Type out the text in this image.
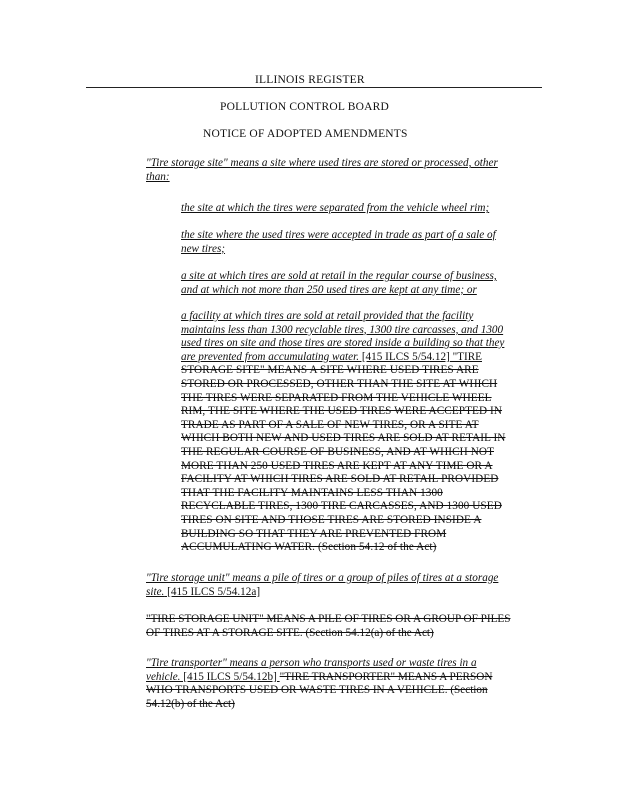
ILLINOIS REGISTER
POLLUTION CONTROL BOARD
NOTICE OF ADOPTED AMENDMENTS
"Tire storage site" means a site where used tires are stored or processed, other
than:
the site at which the tires were separated from the vehicle wheel rim;
the site where the used tires were accepted in trade as part of a sale of
new tires;
a site at which tires are sold at retail in the regular course of business,
and at which not more than 250 used tires are kept at any time; or
a facility at which tires are sold at retail provided that the facility
maintains less than 1300 recyclable tires, 1300 tire carcasses, and 1300
used tires on site and those tires are stored inside a building so that they
are prevented from accumulating water. [415 ILCS 5/54.12] "TIRE
STORAGE SITE" MEANS A SITE WHERE USED TIRES ARE
STORED OR PROCESSED, OTHER THAN THE SITE AT WHICH
THE TIRES WERE SEPARATED FROM THE VEHICLE WHEEL
RIM, THE SITE WHERE THE USED TIRES WERE ACCEPTED IN
TRADE AS PART OF A SALE OF NEW TIRES, OR A SITE AT
WHICH BOTH NEW AND USED TIRES ARE SOLD AT RETAIL IN
THE REGULAR COURSE OF BUSINESS, AND AT WHICH NOT
MORE THAN 250 USED TIRES ARE KEPT AT ANY TIME OR A
FACILITY AT WHICH TIRES ARE SOLD AT RETAIL PROVIDED
THAT THE FACILITY MAINTAINS LESS THAN 1300
RECYCLABLE TIRES, 1300 TIRE CARCASSES, AND 1300 USED
TIRES ON SITE AND THOSE TIRES ARE STORED INSIDE A
BUILDING SO THAT THEY ARE PREVENTED FROM
ACCUMULATING WATER. (Section 54.12 of the Act)
"Tire storage unit" means a pile of tires or a group of piles of tires at a storage
site. [415 ILCS 5/54.12a]
"TIRE STORAGE UNIT" MEANS A PILE OF TIRES OR A GROUP OF PILES
OF TIRES AT A STORAGE SITE. (Section 54.12(a) of the Act)
"Tire transporter" means a person who transports used or waste tires in a
vehicle. [415 ILCS 5/54.12b] "TIRE TRANSPORTER" MEANS A PERSON
WHO TRANSPORTS USED OR WASTE TIRES IN A VEHICLE. (Section
54.12(b) of the Act)
